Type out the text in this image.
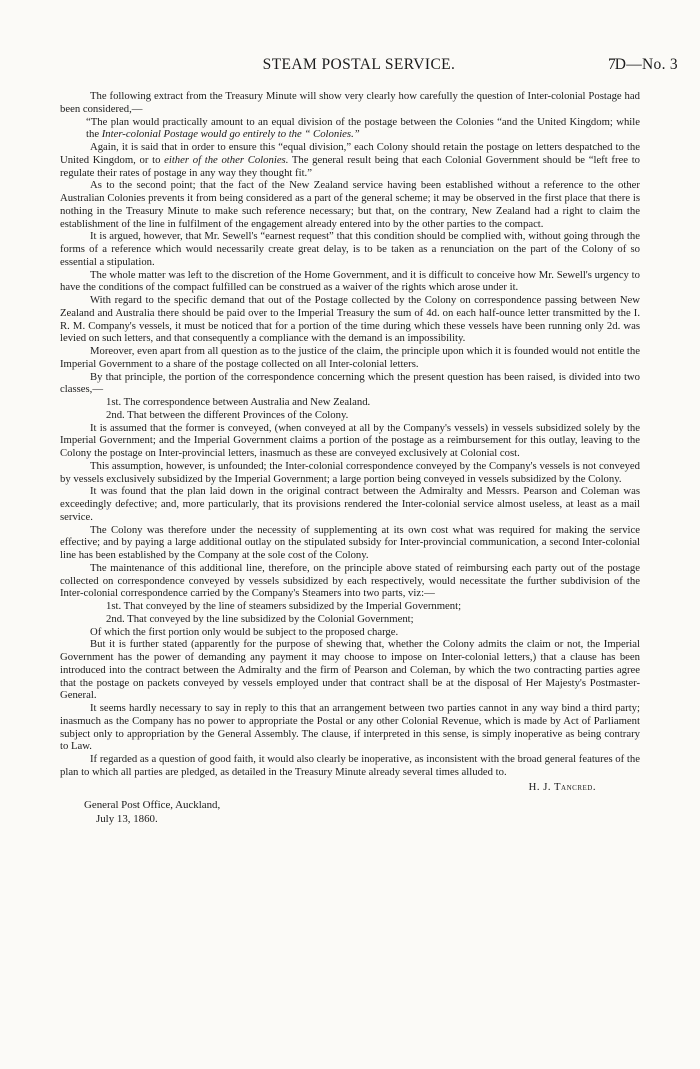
STEAM POSTAL SERVICE.	7 D—No. 3

The following extract from the Treasury Minute will show very clearly how carefully the question of Inter-colonial Postage had been considered,—

“The plan would practically amount to an equal division of the postage between the Colonies “and the United Kingdom; while the Inter-colonial Postage would go entirely to the “ Colonies.”

Again, it is said that in order to ensure this “equal division,” each Colony should retain the postage on letters despatched to the United Kingdom, or to either of the other Colonies. The general result being that each Colonial Government should be “left free to regulate their rates of postage in any way they thought fit.”

As to the second point; that the fact of the New Zealand service having been established without a reference to the other Australian Colonies prevents it from being considered as a part of the general scheme; it may be observed in the first place that there is nothing in the Treasury Minute to make such reference necessary; but that, on the contrary, New Zealand had a right to claim the establishment of the line in fulfilment of the engagement already entered into by the other parties to the compact.

It is argued, however, that Mr. Sewell's “earnest request” that this condition should be complied with, without going through the forms of a reference which would necessarily create great delay, is to be taken as a renunciation on the part of the Colony of so essential a stipulation.

The whole matter was left to the discretion of the Home Government, and it is difficult to conceive how Mr. Sewell's urgency to have the conditions of the compact fulfilled can be construed as a waiver of the rights which arose under it.

With regard to the specific demand that out of the Postage collected by the Colony on correspondence passing between New Zealand and Australia there should be paid over to the Imperial Treasury the sum of 4d. on each half-ounce letter transmitted by the I. R. M. Company's vessels, it must be noticed that for a portion of the time during which these vessels have been running only 2d. was levied on such letters, and that consequently a compliance with the demand is an impossibility.

Moreover, even apart from all question as to the justice of the claim, the principle upon which it is founded would not entitle the Imperial Government to a share of the postage collected on all Inter-colonial letters.

By that principle, the portion of the correspondence concerning which the present question has been raised, is divided into two classes,—

1st. The correspondence between Australia and New Zealand.

2nd. That between the different Provinces of the Colony.

It is assumed that the former is conveyed, (when conveyed at all by the Company's vessels) in vessels subsidized solely by the Imperial Government; and the Imperial Government claims a portion of the postage as a reimbursement for this outlay, leaving to the Colony the postage on Inter-provincial letters, inasmuch as these are conveyed exclusively at Colonial cost.

This assumption, however, is unfounded; the Inter-colonial correspondence conveyed by the Company's vessels is not conveyed by vessels exclusively subsidized by the Imperial Government; a large portion being conveyed in vessels subsidized by the Colony.

It was found that the plan laid down in the original contract between the Admiralty and Messrs. Pearson and Coleman was exceedingly defective; and, more particularly, that its provisions rendered the Inter-colonial service almost useless, at least as a mail service.

The Colony was therefore under the necessity of supplementing at its own cost what was required for making the service effective; and by paying a large additional outlay on the stipulated subsidy for Inter-provincial communication, a second Inter-colonial line has been established by the Company at the sole cost of the Colony.

The maintenance of this additional line, therefore, on the principle above stated of reimbursing each party out of the postage collected on correspondence conveyed by vessels subsidized by each respectively, would necessitate the further subdivision of the Inter-colonial correspondence carried by the Company's Steamers into two parts, viz:—

1st. That conveyed by the line of steamers subsidized by the Imperial Government;

2nd. That conveyed by the line subsidized by the Colonial Government;

Of which the first portion only would be subject to the proposed charge.

But it is further stated (apparently for the purpose of shewing that, whether the Colony admits the claim or not, the Imperial Government has the power of demanding any payment it may choose to impose on Inter-colonial letters,) that a clause has been introduced into the contract between the Admiralty and the firm of Pearson and Coleman, by which the two contracting parties agree that the postage on packets conveyed by vessels employed under that contract shall be at the disposal of Her Majesty's Postmaster-General.

It seems hardly necessary to say in reply to this that an arrangement between two parties cannot in any way bind a third party; inasmuch as the Company has no power to appropriate the Postal or any other Colonial Revenue, which is made by Act of Parliament subject only to appropriation by the General Assembly. The clause, if interpreted in this sense, is simply inoperative as being contrary to Law.

If regarded as a question of good faith, it would also clearly be inoperative, as inconsistent with the broad general features of the plan to which all parties are pledged, as detailed in the Treasury Minute already several times alluded to.

H. J. Tancred.
General Post Office, Auckland,
July 13, 1860.
